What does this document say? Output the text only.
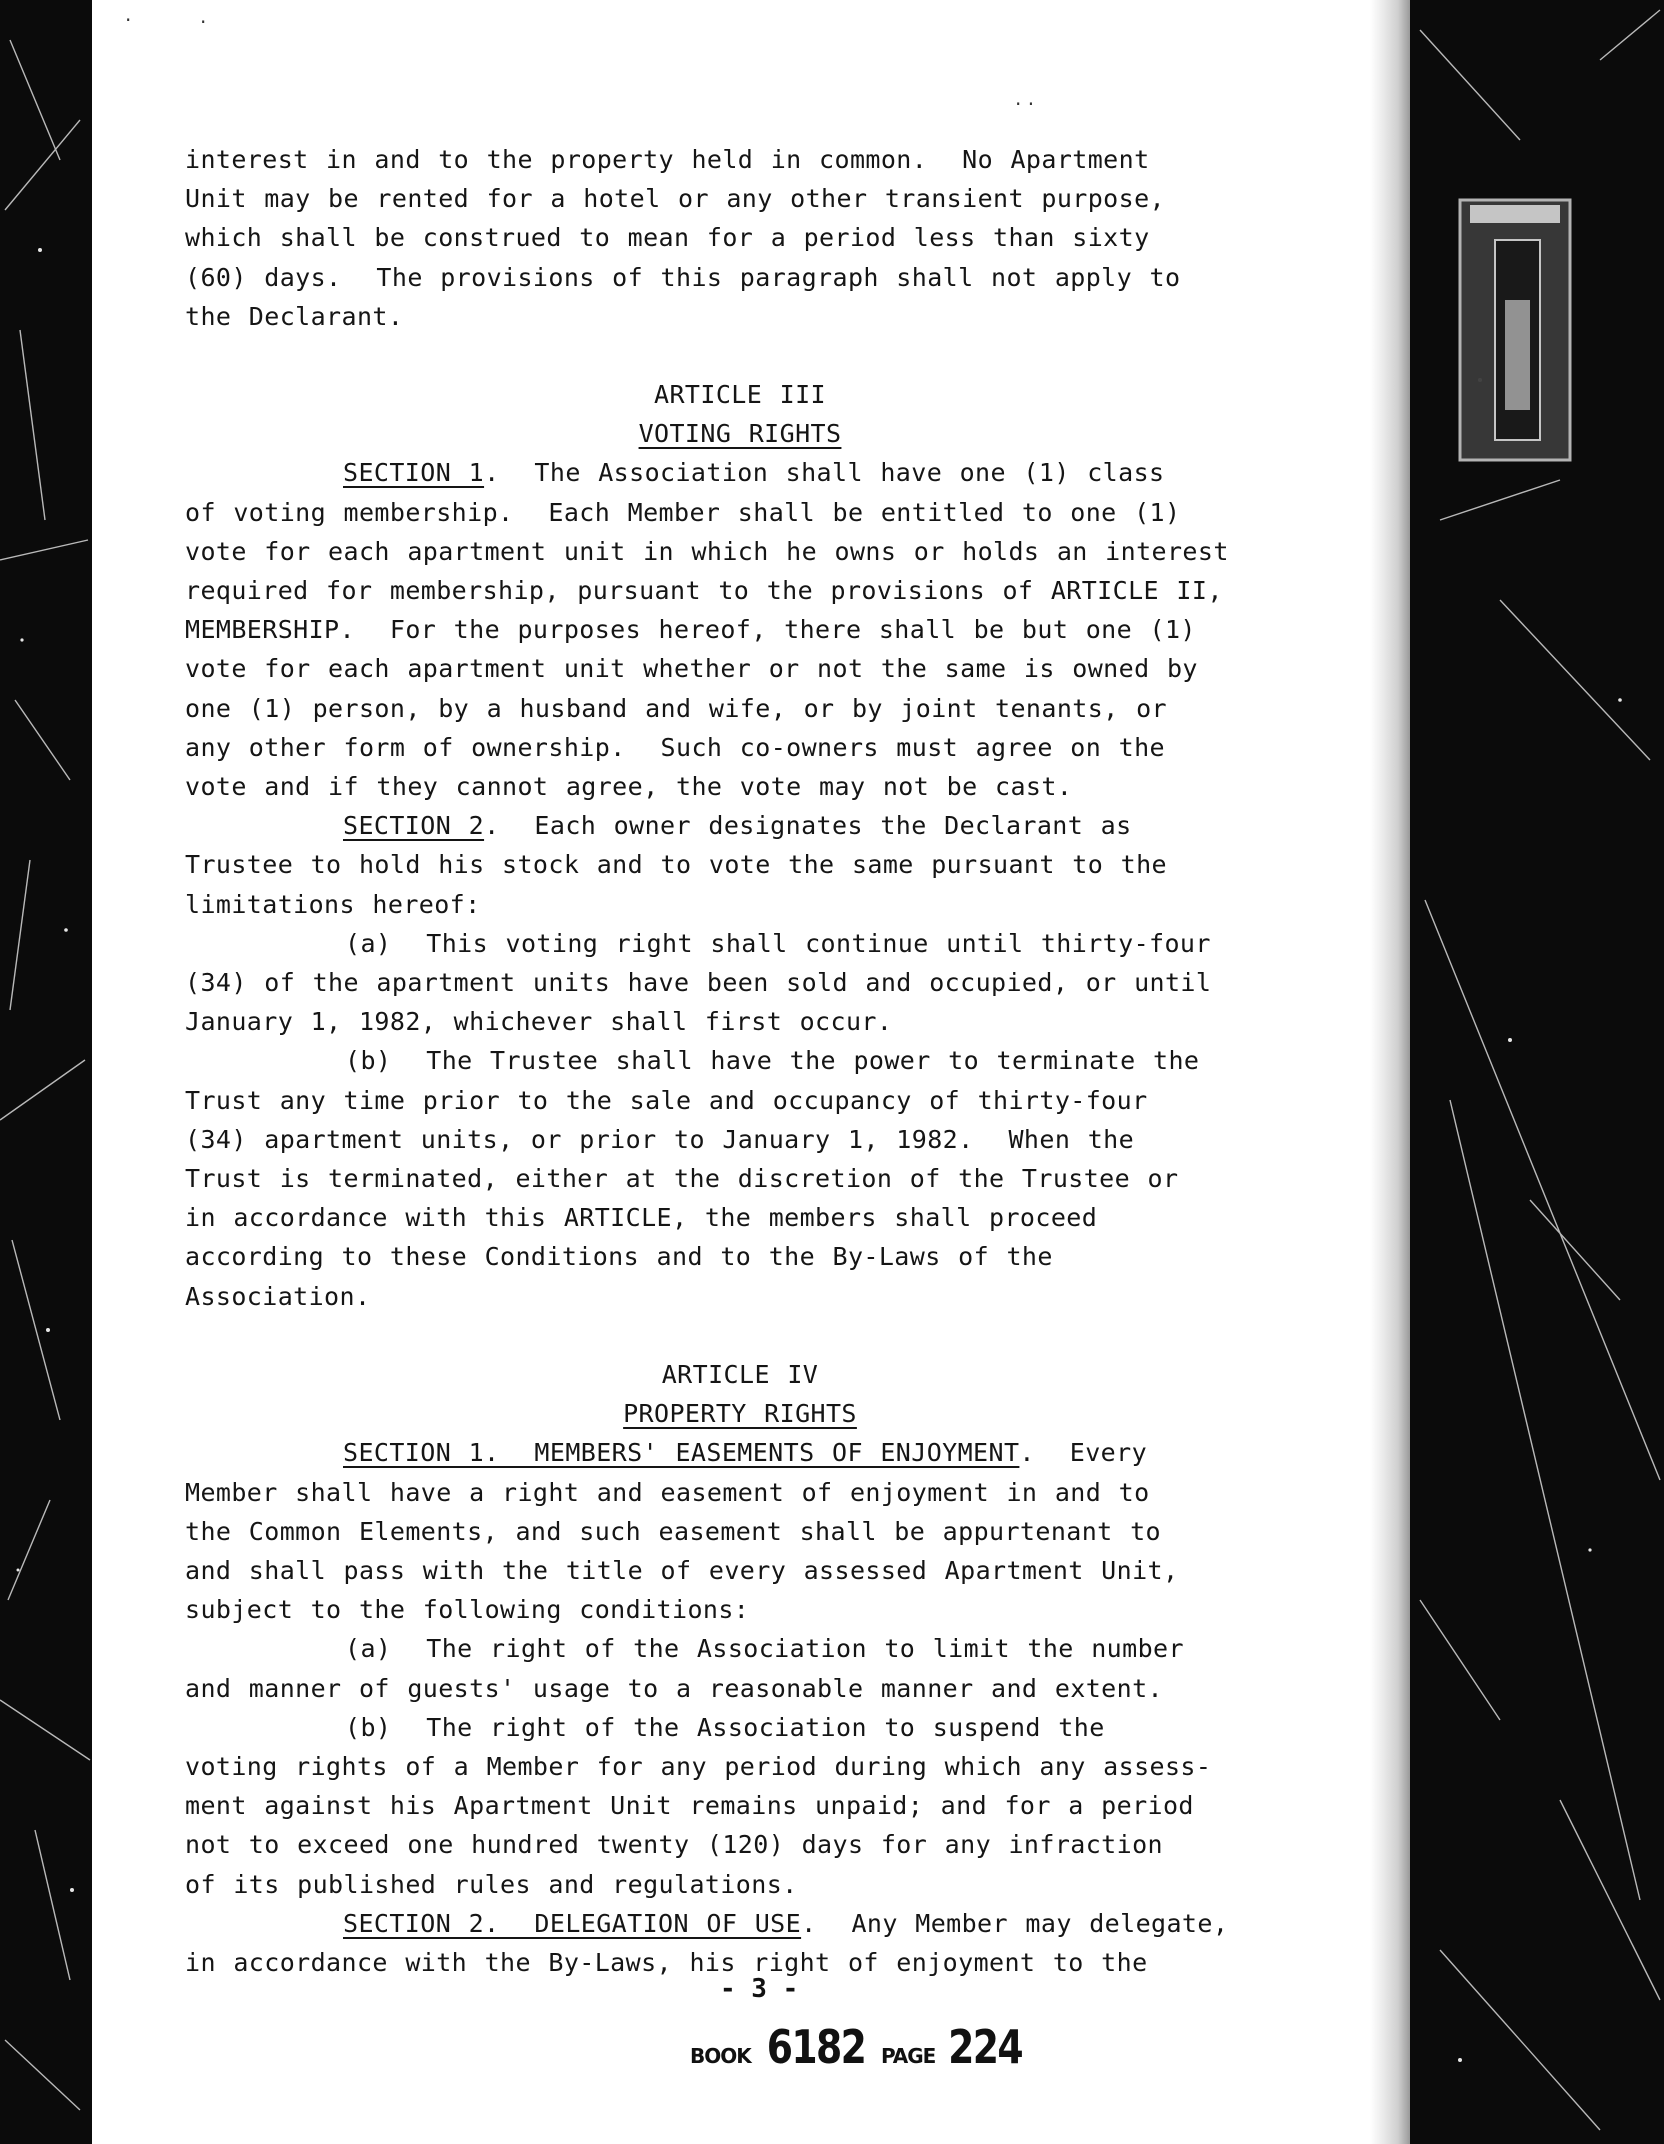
·	·
· ·

interest in and to the property held in common.  No Apartment

Unit may be rented for a hotel or any other transient purpose,

which shall be construed to mean for a period less than sixty

(60) days.  The provisions of this paragraph shall not apply to

the Declarant.

ARTICLE III

VOTING RIGHTS

SECTION 1.  The Association shall have one (1) class

of voting membership.  Each Member shall be entitled to one (1)

vote for each apartment unit in which he owns or holds an interest

required for membership, pursuant to the provisions of ARTICLE II,

MEMBERSHIP.  For the purposes hereof, there shall be but one (1)

vote for each apartment unit whether or not the same is owned by

one (1) person, by a husband and wife, or by joint tenants, or

any other form of ownership.  Such co-owners must agree on the

vote and if they cannot agree, the vote may not be cast.

SECTION 2.  Each owner designates the Declarant as

Trustee to hold his stock and to vote the same pursuant to the

limitations hereof:

(a)  This voting right shall continue until thirty-four

(34) of the apartment units have been sold and occupied, or until

January 1, 1982, whichever shall first occur.

(b)  The Trustee shall have the power to terminate the

Trust any time prior to the sale and occupancy of thirty-four

(34) apartment units, or prior to January 1, 1982.  When the

Trust is terminated, either at the discretion of the Trustee or

in accordance with this ARTICLE, the members shall proceed

according to these Conditions and to the By-Laws of the

Association.

ARTICLE IV

PROPERTY RIGHTS

SECTION 1.  MEMBERS' EASEMENTS OF ENJOYMENT.  Every

Member shall have a right and easement of enjoyment in and to

the Common Elements, and such easement shall be appurtenant to

and shall pass with the title of every assessed Apartment Unit,

subject to the following conditions:

(a)  The right of the Association to limit the number

and manner of guests' usage to a reasonable manner and extent.

(b)  The right of the Association to suspend the

voting rights of a Member for any period during which any assess-

ment against his Apartment Unit remains unpaid; and for a period

not to exceed one hundred twenty (120) days for any infraction

of its published rules and regulations.

SECTION 2.  DELEGATION OF USE.  Any Member may delegate,

in accordance with the By-Laws, his right of enjoyment to the

- 3 -
BOOK 6182 PAGE 224
